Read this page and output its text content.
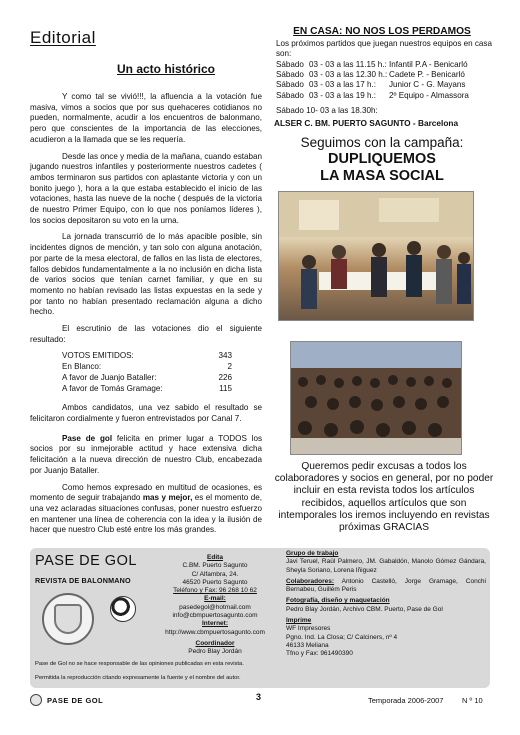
Editorial
Un acto histórico

Y como tal se vivió!!!, la afluencia a la votación fue masiva, vimos a socios que por sus quehaceres cotidianos no pueden, normalmente, acudir a los encuentros de balonmano, pero que conscientes de la importancia de las elecciones, acudieron a la llamada que se les requería.

Desde las once y media de la mañana, cuando estaban jugando nuestros infantiles y posteriormente nuestros cadetes ( ambos terminaron sus partidos con aplastante victoria y con un bonito juego ), hora a la que estaba establecido el inicio de las votaciones, hasta las nueve de la noche ( después de la victoria de nuestro Primer Equipo, con lo que nos poníamos líderes ), los socios depositaron su voto en la urna.

La jornada transcurrió de lo más apacible posible, sin incidentes dignos de mención, y tan solo con alguna anotación, por parte de la mesa electoral, de fallos en las lista de electores, fallos debidos fundamentalmente a la no inclusión en dicha lista de varios socios que tenían carnet familiar, y que en su momento no habían revisado las listas expuestas en la sede y por tanto no habían presentado reclamación alguna a dicho hecho.

El escrutinio de las votaciones dio el siguiente resultado:

VOTOS EMITIDOS:	343
En Blanco:	2
A favor de Juanjo Bataller:	226
A favor de Tomás Gramage:	115

Ambos candidatos, una vez sabido el resultado se felicitaron cordialmente y fueron entrevistados por Canal 7.

Pase de gol felicita en primer lugar a TODOS los socios por su inmejorable actitud y hace extensiva dicha felicitación a la nueva dirección de nuestro Club, encabezada por Juanjo Bataller.

Como hemos expresado en multitud de ocasiones, es momento de seguir trabajando mas y mejor, es el momento de, una vez aclaradas situaciones confusas, poner nuestro esfuerzo en mantener una línea de coherencia con la idea y la ilusión de hacer que nuestro Club esté entre los más grandes.

EN CASA: NO NOS LOS PERDAMOS
Los próximos partidos que juegan nuestros equipos en casa son:
Sábado 03 - 03 a las 11.15 h.: Infantil P.A - Benicarló
Sábado 03 - 03 a las 12.30 h.: Cadete P. - Benicarló
Sábado 03 - 03 a las 17 h.:	Junior C - G. Mayans
Sábado 03 - 03 a las 19 h.:	2º Equipo - Almassora
Sábado 10- 03 a las 18.30h:
ALSER C. BM. PUERTO SAGUNTO - Barcelona
Seguimos con la campaña:
DUPLIQUEMOS
LA MASA SOCIAL
Queremos pedir excusas a todos los colaboradores y socios en general, por no poder incluir en esta revista todos los artículos recibidos, aquellos artículos que son intemporales los iremos incluyendo en revistas próximas GRACIAS
PASE DE GOL
REVISTA DE BALONMANO
Edita
C.BM. Puerto Sagunto
C/ Alfambra, 24.
46520 Puerto Sagunto
Teléfono y Fax: 96 268 10 62
E-mail:
pasedegol@hotmail.com
info@cbmpuertosagunto.com
Internet:
http://www.cbmpuertosagunto.com
Coordinador
Pedro Blay Jordán
Pase de Gol no se hace responsable de las opiniones publicadas en esta revista.
Permitida la reproducción citando expresamente la fuente y el nombre del autor.
Grupo de trabajo
Javi Teruel, Raül Palmero, JM. Gabaldón, Manolo Gómez Gándara, Sheyla Soriano, Lorena Iñiguez
Colaboradores: Antonio Castelló, Jorge Gramage, Conchi Bernabeu, Guillém Peris
Fotografía, diseño y maquetación
Pedro Blay Jordán, Archivo CBM. Puerto, Pase de Gol
Imprime
WF Impresores
Pgno. Ind. La Closa; C/ Calciners, nº 4
46133 Meliana
Tfno y Fax: 961490390
PASE DE GOL	3	Temporada 2006-2007 N º 10
